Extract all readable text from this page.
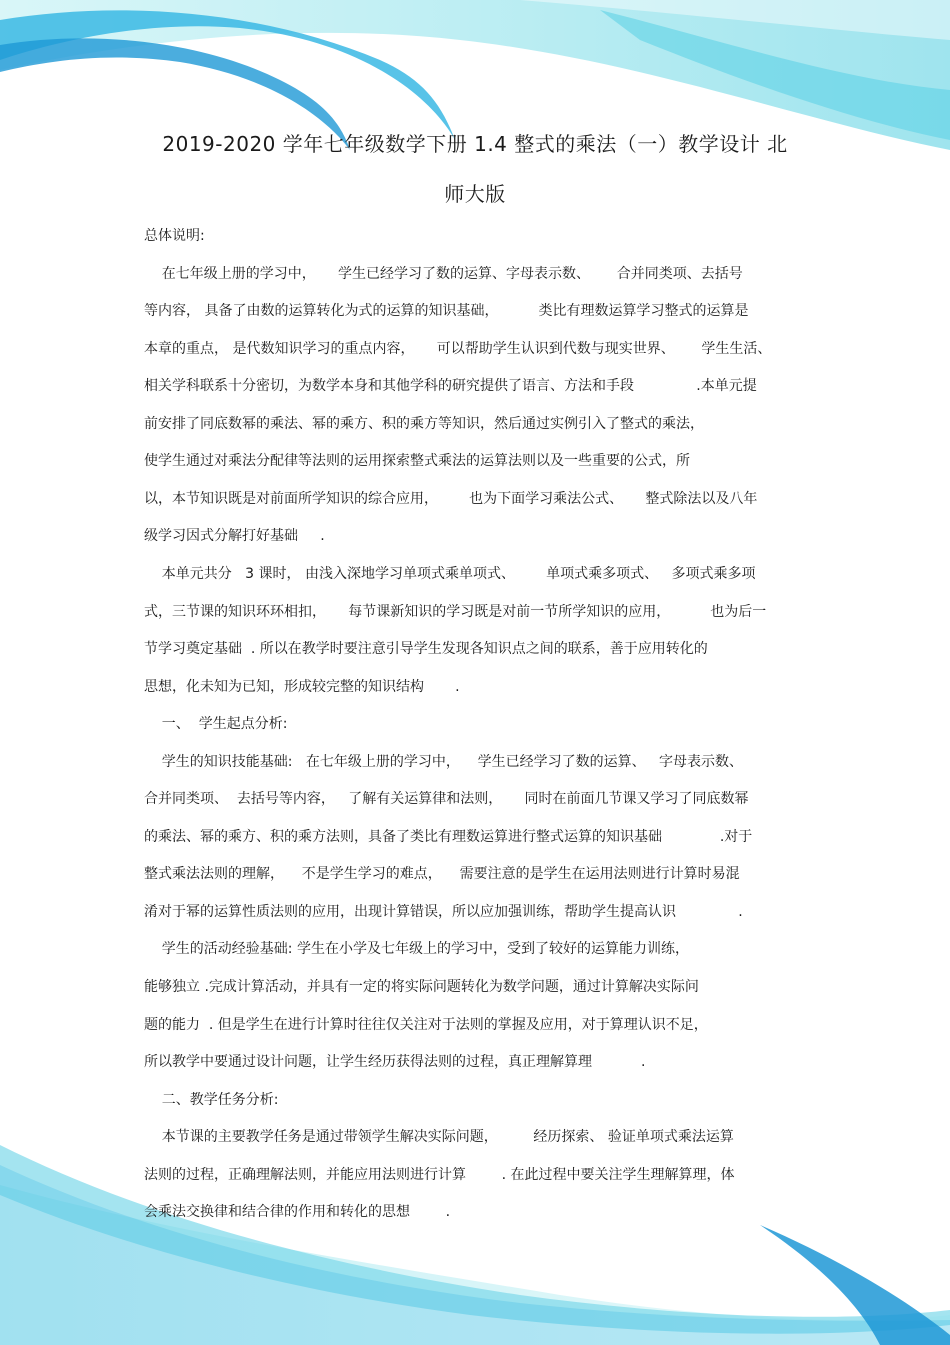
2019-2020 学年七年级数学下册 1.4 整式的乘法（一）教学设计 北
师大版
总体说明:
在七年级上册的学习中，     学生已经学习了数的运算、字母表示数、      合并同类项、去括号
等内容， 具备了由数的运算转化为式的运算的知识基础，         类比有理数运算学习整式的运算是
本章的重点， 是代数知识学习的重点内容，     可以帮助学生认识到代数与现实世界、      学生生活、
相关学科联系十分密切，为数学本身和其他学科的研究提供了语言、方法和手段              .本单元提
前安排了同底数幂的乘法、幂的乘方、积的乘方等知识，然后通过实例引入了整式的乘法，
使学生通过对乘法分配律等法则的运用探索整式乘法的运算法则以及一些重要的公式，所
以，本节知识既是对前面所学知识的综合应用，       也为下面学习乘法公式、     整式除法以及八年
级学习因式分解打好基础     .
本单元共分   3 课时， 由浅入深地学习单项式乘单项式、       单项式乘多项式、   多项式乘多项
式，三节课的知识环环相扣，     每节课新知识的学习既是对前一节所学知识的应用，         也为后一
节学习奠定基础  . 所以在教学时要注意引导学生发现各知识点之间的联系，善于应用转化的
思想，化未知为已知，形成较完整的知识结构       .
一、  学生起点分析:
学生的知识技能基础:   在七年级上册的学习中，    学生已经学习了数的运算、   字母表示数、
合并同类项、  去括号等内容，   了解有关运算律和法则，     同时在前面几节课又学习了同底数幂
的乘法、幂的乘方、积的乘方法则，具备了类比有理数运算进行整式运算的知识基础             .对于
整式乘法法则的理解，    不是学生学习的难点，    需要注意的是学生在运用法则进行计算时易混
淆对于幂的运算性质法则的应用，出现计算错误，所以应加强训练，帮助学生提高认识              .
学生的活动经验基础: 学生在小学及七年级上的学习中，受到了较好的运算能力训练，
能够独立 .完成计算活动，并具有一定的将实际问题转化为数学问题，通过计算解决实际问
题的能力  . 但是学生在进行计算时往往仅关注对于法则的掌握及应用，对于算理认识不足，
所以教学中要通过设计问题，让学生经历获得法则的过程，真正理解算理           .
二、教学任务分析:
本节课的主要教学任务是通过带领学生解决实际问题，        经历探索、 验证单项式乘法运算
法则的过程，正确理解法则，并能应用法则进行计算        . 在此过程中要关注学生理解算理，体
会乘法交换律和结合律的作用和转化的思想        .
